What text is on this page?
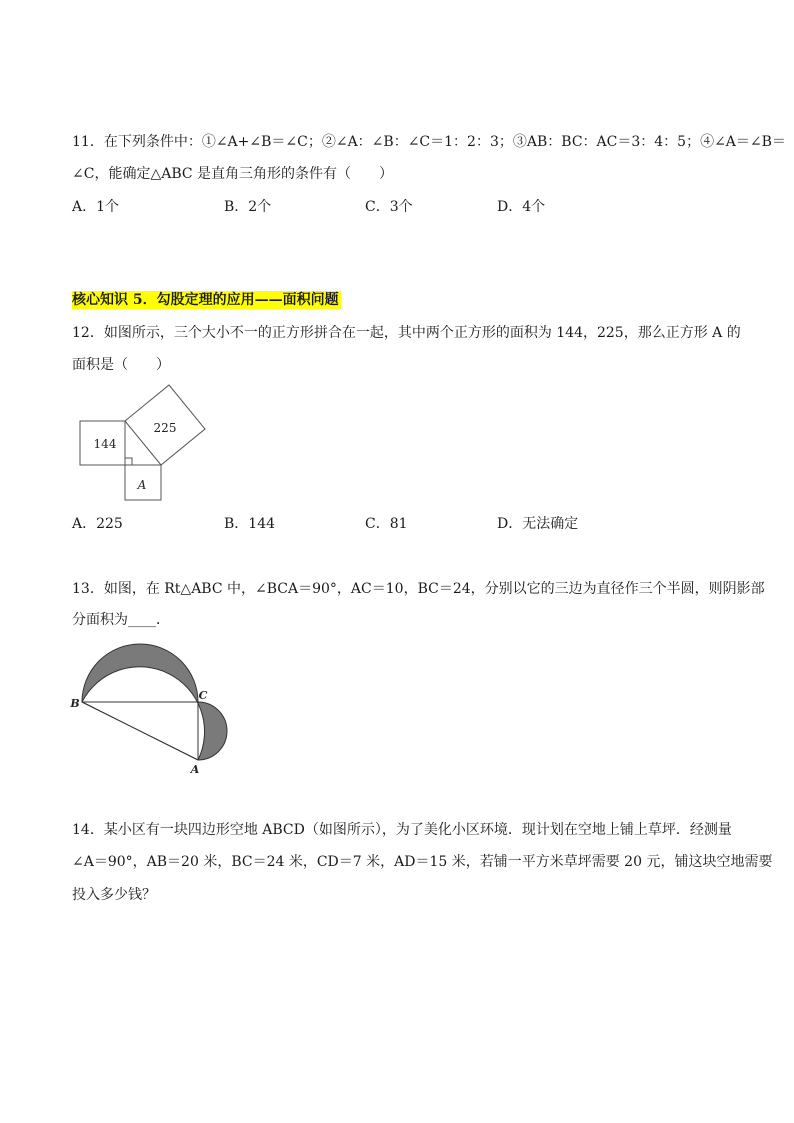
11．在下列条件中：①∠A+∠B＝∠C；②∠A：∠B：∠C＝1：2：3；③AB：BC：AC＝3：4：5；④∠A＝∠B＝
∠C，能确定△ABC 是直角三角形的条件有（　　）
A．1个	B．2个	C．3个	D．4个
核心知识 5．勾股定理的应用——面积问题
12．如图所示，三个大小不一的正方形拼合在一起，其中两个正方形的面积为 144，225，那么正方形 A 的
面积是（　　）
144
225
A
A．225	B．144	C．81	D．无法确定
13．如图，在 Rt△ABC 中，∠BCA＝90°，AC＝10，BC＝24，分别以它的三边为直径作三个半圆，则阴影部
分面积为____．
B
C
A
14．某小区有一块四边形空地 ABCD（如图所示），为了美化小区环境．现计划在空地上铺上草坪．经测量
∠A＝90°，AB＝20 米，BC＝24 米，CD＝7 米，AD＝15 米，若铺一平方米草坪需要 20 元，铺这块空地需要
投入多少钱？
